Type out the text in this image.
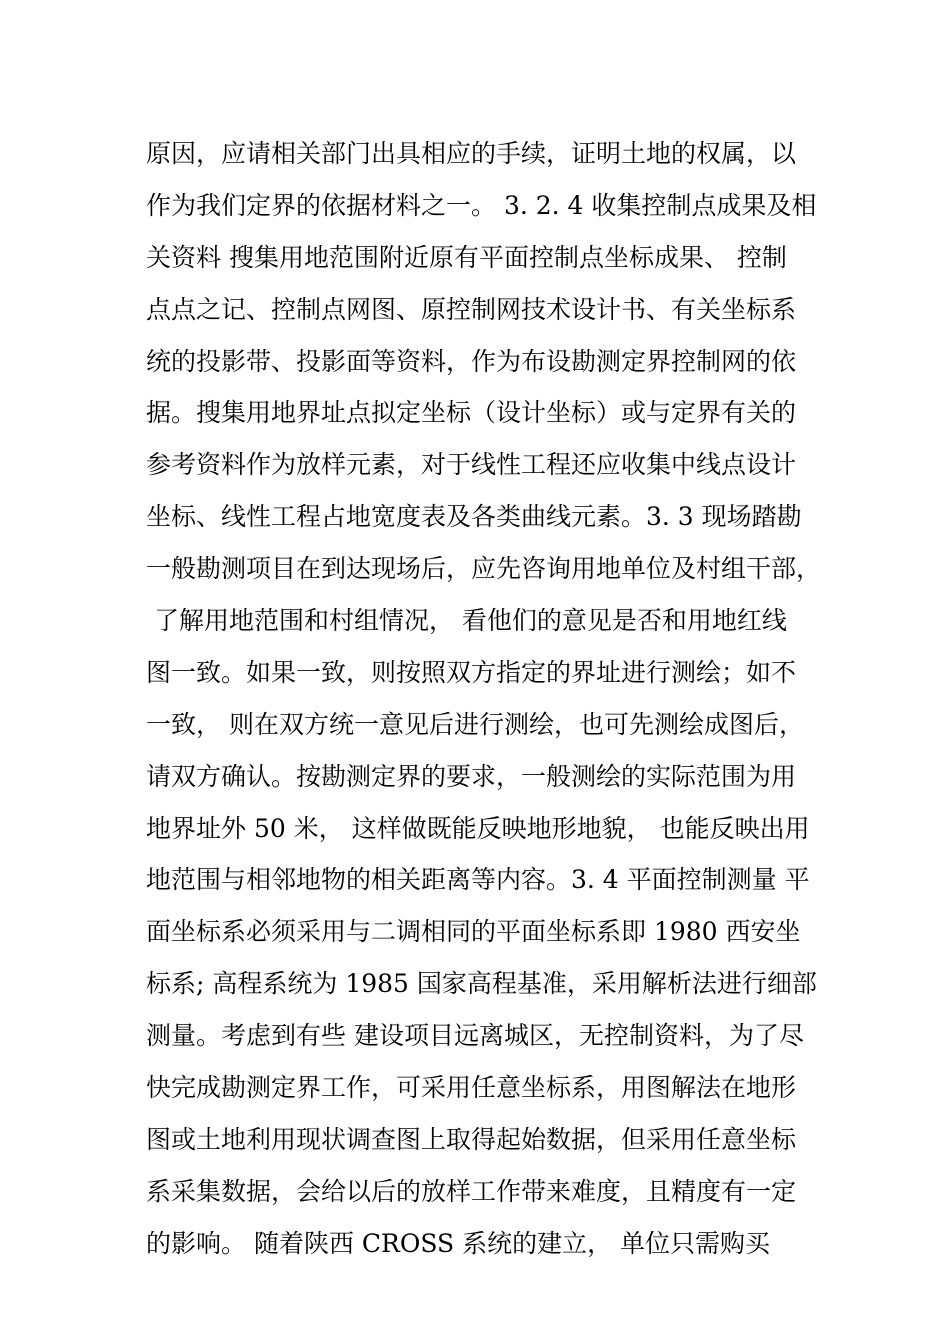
原因，应请相关部门出具相应的手续，证明土地的权属，以
作为我们定界的依据材料之一。 3. 2. 4 收集控制点成果及相
关资料 搜集用地范围附近原有平面控制点坐标成果、 控制
点点之记、控制点网图、原控制网技术设计书、有关坐标系
统的投影带、投影面等资料，作为布设勘测定界控制网的依
据。搜集用地界址点拟定坐标（设计坐标）或与定界有关的
参考资料作为放样元素，对于线性工程还应收集中线点设计
坐标、线性工程占地宽度表及各类曲线元素。3. 3 现场踏勘
一般勘测项目在到达现场后，应先咨询用地单位及村组干部，
了解用地范围和村组情况， 看他们的意见是否和用地红线
图一致。如果一致，则按照双方指定的界址进行测绘；如不
一致， 则在双方统一意见后进行测绘，也可先测绘成图后，
请双方确认。按勘测定界的要求，一般测绘的实际范围为用
地界址外 50 米， 这样做既能反映地形地貌， 也能反映出用
地范围与相邻地物的相关距离等内容。3. 4 平面控制测量 平
面坐标系必须采用与二调相同的平面坐标系即 1980 西安坐
标系; 高程系统为 1985 国家高程基准，采用解析法进行细部
测量。考虑到有些 建设项目远离城区，无控制资料，为了尽
快完成勘测定界工作，可采用任意坐标系，用图解法在地形
图或土地利用现状调查图上取得起始数据，但采用任意坐标
系采集数据，会给以后的放样工作带来难度，且精度有一定
的影响。 随着陕西 CROSS 系统的建立， 单位只需购买
